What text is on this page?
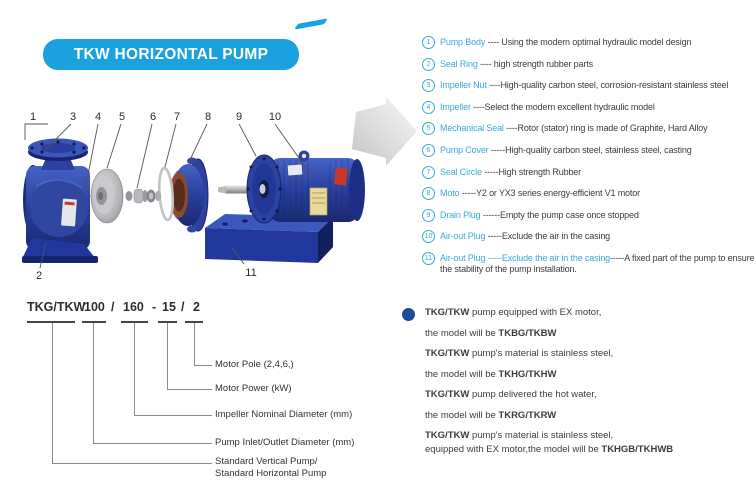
TKW HORIZONTAL PUMP
1	3 4 5 6 7 8 9 10
2	11
1	Pump Body ---- Using the modern optimal hydraulic model design

2	Seal Ring ---- high strength rubber parts

3	Impeller Nut ----High-quality carbon steel, corrosion-resistant stainless steel

4	Impeller ----Select the modern excellent hydraulic model

5	Mechanical Seal ----Rotor (stator) ring is made of Graphite, Hard Alloy

6	Pump Cover -----High-quality carbon steel, stainless steel, casting

7	Seal Circle -----High strength Rubber

8	Moto -----Y2 or YX3 series energy-efficient V1 motor

9	Drain Plug ------Empty the pump case once stopped

10 Air-out Plug -----Exclude the air in the casing

11 Air-out Plug -----Exclude the air in the casing-----A fixed part of the pump to ensure the stability of the pump installation.

TKG/TKW
100 / 160 - 15 / 2
Motor Pole (2,4,6,)
Motor Power (kW)
Impeller Nominal Diameter (mm)
Pump Inlet/Outlet Diameter (mm)
Standard Vertical Pump/
Standard Horizontal Pump

TKG/TKW pump equipped with EX motor,

the model will be TKBG/TKBW

TKG/TKW pump's material is stainless steel,

the model will be TKHG/TKHW

TKG/TKW pump delivered the hot water,

the model will be TKRG/TKRW

TKG/TKW pump's material is stainless steel,

equipped with EX motor,the model will be TKHGB/TKHWB
